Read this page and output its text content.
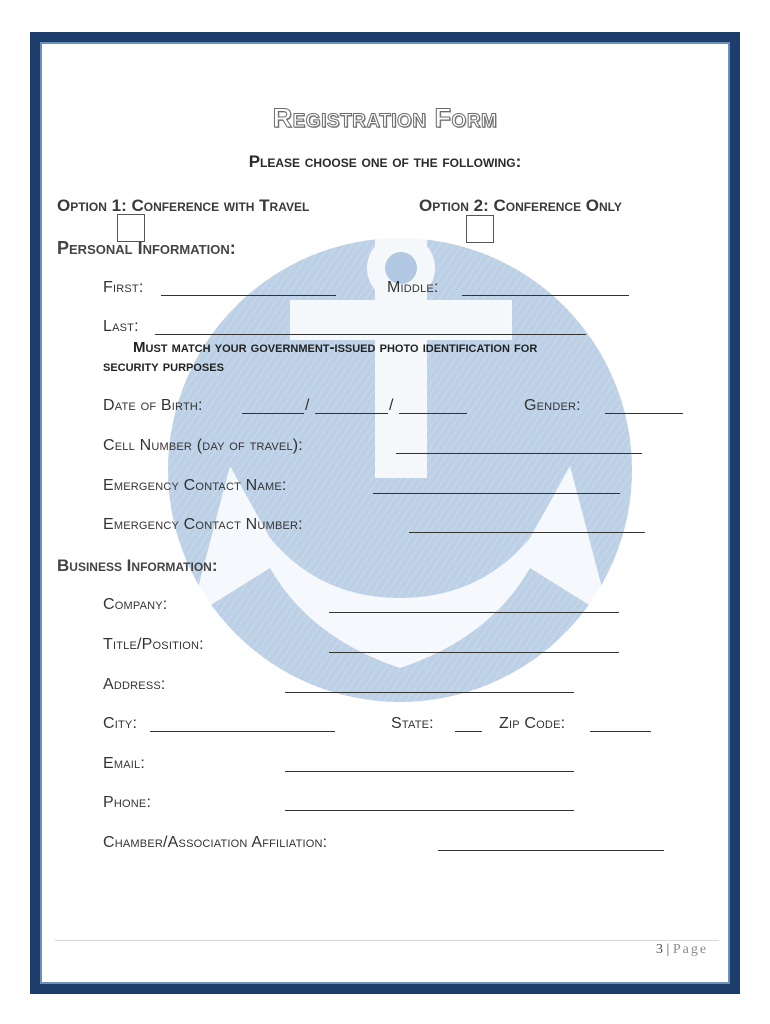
Registration Form
Please choose one of the following:
Option 1: Conference with Travel	Option 2: Conference Only
Personal Information:
First:	Middle:
Last:
Must match your government-issued photo identification for
security purposes
Date of Birth:	/	/	Gender:
Cell Number (day of travel):
Emergency Contact Name:
Emergency Contact Number:
Business Information:
Company:
Title/Position:
Address:
City:	State:	Zip Code:
Email:
Phone:
Chamber/Association Affiliation:
3 | Page
